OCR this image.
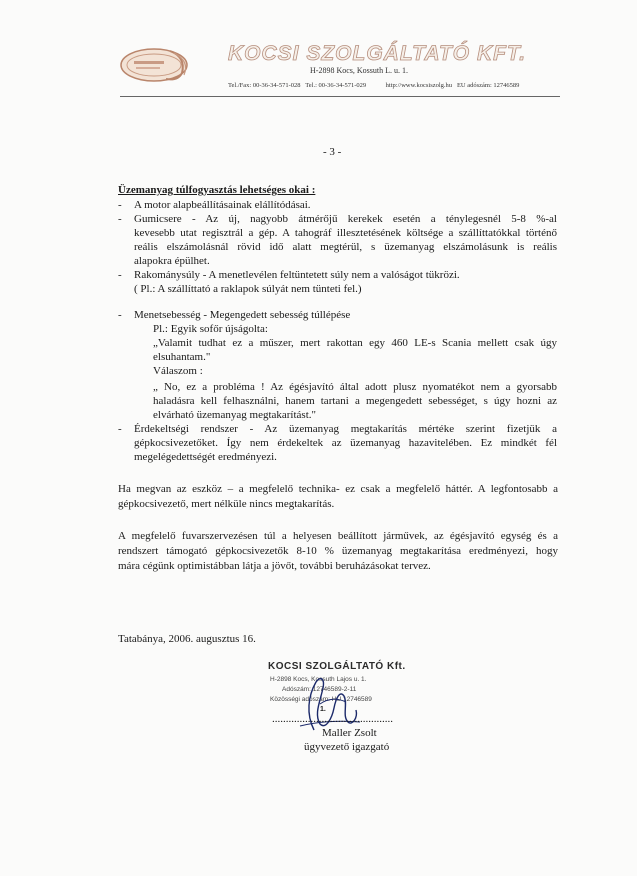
KOCSI SZOLGÁLTATÓ KFT.
H-2898 Kocs, Kossuth L. u. 1.
Tel./Fax: 00-36-34-571-028 Tel.: 00-36-34-571-029	http://www.kocsiszolg.hu EU adószám: 12746589
- 3 -
Üzemanyag túlfogyasztás lehetséges okai :
- A motor alapbeállításainak elállítódásai.
- Gumicsere - Az új, nagyobb átmérőjű kerekek esetén a ténylegesnél 5-8 %-al
kevesebb utat regisztrál a gép. A tahográf illesztetésének költsége a szállíttatókkal történő
reális elszámolásnál rövid idő alatt megtérül, s üzemanyag elszámolásunk is reális
alapokra épülhet.
- Rakománysúly - A menetlevélen feltüntetett súly nem a valóságot tükrözi.
( Pl.: A szállíttató a raklapok súlyát nem tünteti fel.)
- Menetsebesség - Megengedett sebesség túllépése
Pl.: Egyik sofőr újságolta:
„Valamit tudhat ez a műszer, mert rakottan egy 460 LE-s Scania mellett csak úgy
elsuhantam."
Válaszom :
„ No, ez a probléma ! Az égésjavító által adott plusz nyomatékot nem a gyorsabb
haladásra kell felhasználni, hanem tartani a megengedett sebességet, s úgy hozni az
elvárható üzemanyag megtakarítást."
- Érdekeltségi rendszer - Az üzemanyag megtakarítás mértéke szerint fizetjük a
gépkocsivezetőket. Így nem érdekeltek az üzemanyag hazavitelében. Ez mindkét fél
megelégedettségét eredményezi.
Ha megvan az eszköz – a megfelelő technika- ez csak a megfelelő háttér. A legfontosabb a
gépkocsivezető, mert nélküle nincs megtakarítás.
A megfelelő fuvarszervezésen túl a helyesen beállított járművek, az égésjavító egység és a
rendszert támogató gépkocsivezetők 8-10 % üzemanyag megtakarítása eredményezi, hogy
mára cégünk optimistábban látja a jövőt, további beruházásokat tervez.
Tatabánya, 2006. augusztus 16.
KOCSI SZOLGÁLTATÓ Kft.
H-2898 Kocs, Kossuth Lajos u. 1.
Adószám: 12746589-2-11
Közösségi adószám: HU 12746589
1.
............................................
Maller Zsolt
ügyvezető igazgató
